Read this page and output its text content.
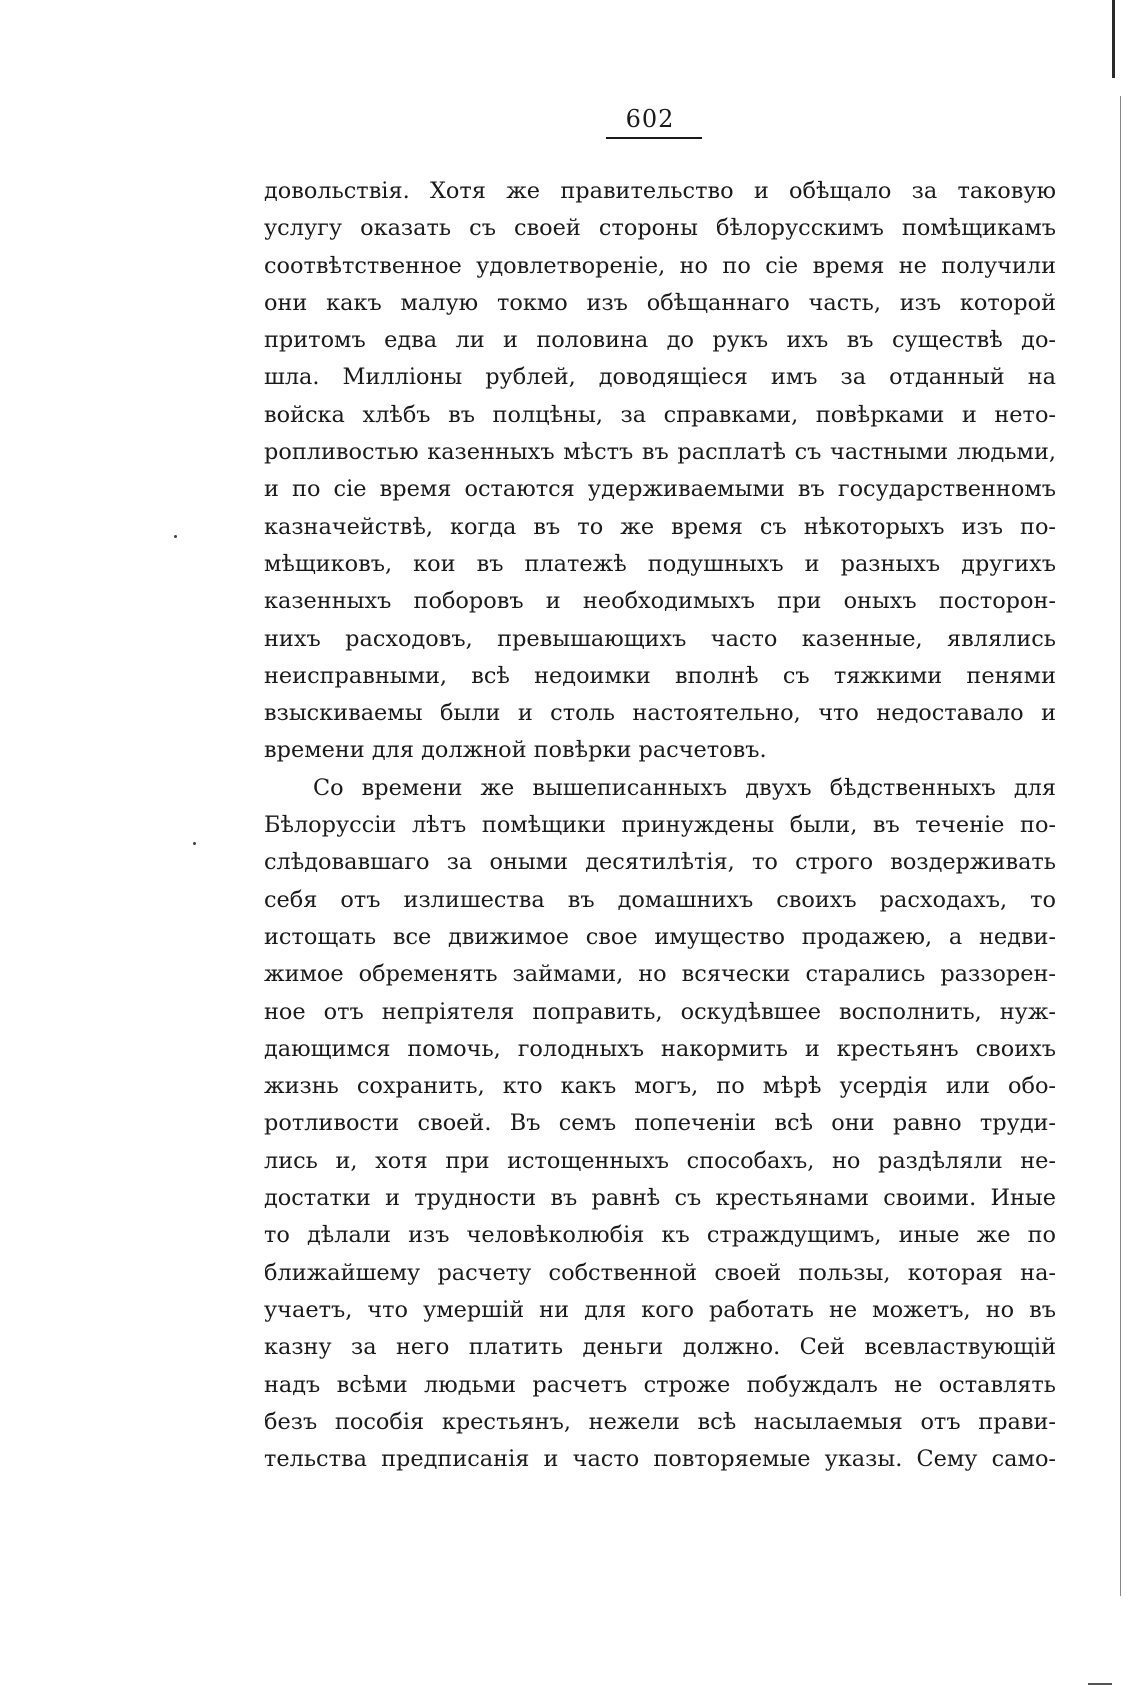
602
довольствія. Хотя же правительство и обѣщало за таковую
услугу оказать съ своей стороны бѣлорусскимъ помѣщикамъ
соотвѣтственное удовлетвореніе, но по сіе время не получили
они какъ малую токмо изъ обѣщаннаго часть, изъ которой
притомъ едва ли и половина до рукъ ихъ въ существѣ до-
шла. Милліоны рублей, доводящіеся имъ за отданный на
войска хлѣбъ въ полцѣны, за справками, повѣрками и нето-
ропливостью казенныхъ мѣстъ въ расплатѣ съ частными людьми,
и по сіе время остаются удерживаемыми въ государственномъ
казначействѣ, когда въ то же время съ нѣкоторыхъ изъ по-
мѣщиковъ, кои въ платежѣ подушныхъ и разныхъ другихъ
казенныхъ поборовъ и необходимыхъ при оныхъ посторон-
нихъ расходовъ, превышающихъ часто казенные, являлись
неисправными, всѣ недоимки вполнѣ съ тяжкими пенями
взыскиваемы были и столь настоятельно, что недоставало и
времени для должной повѣрки расчетовъ.
Со времени же вышеписанныхъ двухъ бѣдственныхъ для
Бѣлоруссіи лѣтъ помѣщики принуждены были, въ теченіе по-
слѣдовавшаго за оными десятилѣтія, то строго воздерживать
себя отъ излишества въ домашнихъ своихъ расходахъ, то
истощать все движимое свое имущество продажею, а недви-
жимое обременять займами, но всячески старались раззорен-
ное отъ непріятеля поправить, оскудѣвшее восполнить, нуж-
дающимся помочь, голодныхъ накормить и крестьянъ своихъ
жизнь сохранить, кто какъ могъ, по мѣрѣ усердія или обо-
ротливости своей. Въ семъ попеченіи всѣ они равно труди-
лись и, хотя при истощенныхъ способахъ, но раздѣляли не-
достатки и трудности въ равнѣ съ крестьянами своими. Иные
то дѣлали изъ человѣколюбія къ страждущимъ, иные же по
ближайшему расчету собственной своей пользы, которая на-
учаетъ, что умершій ни для кого работать не можетъ, но въ
казну за него платить деньги должно. Сей всевластвующій
надъ всѣми людьми расчетъ строже побуждалъ не оставлять
безъ пособія крестьянъ, нежели всѣ насылаемыя отъ прави-
тельства предписанія и часто повторяемые указы. Сему само-
